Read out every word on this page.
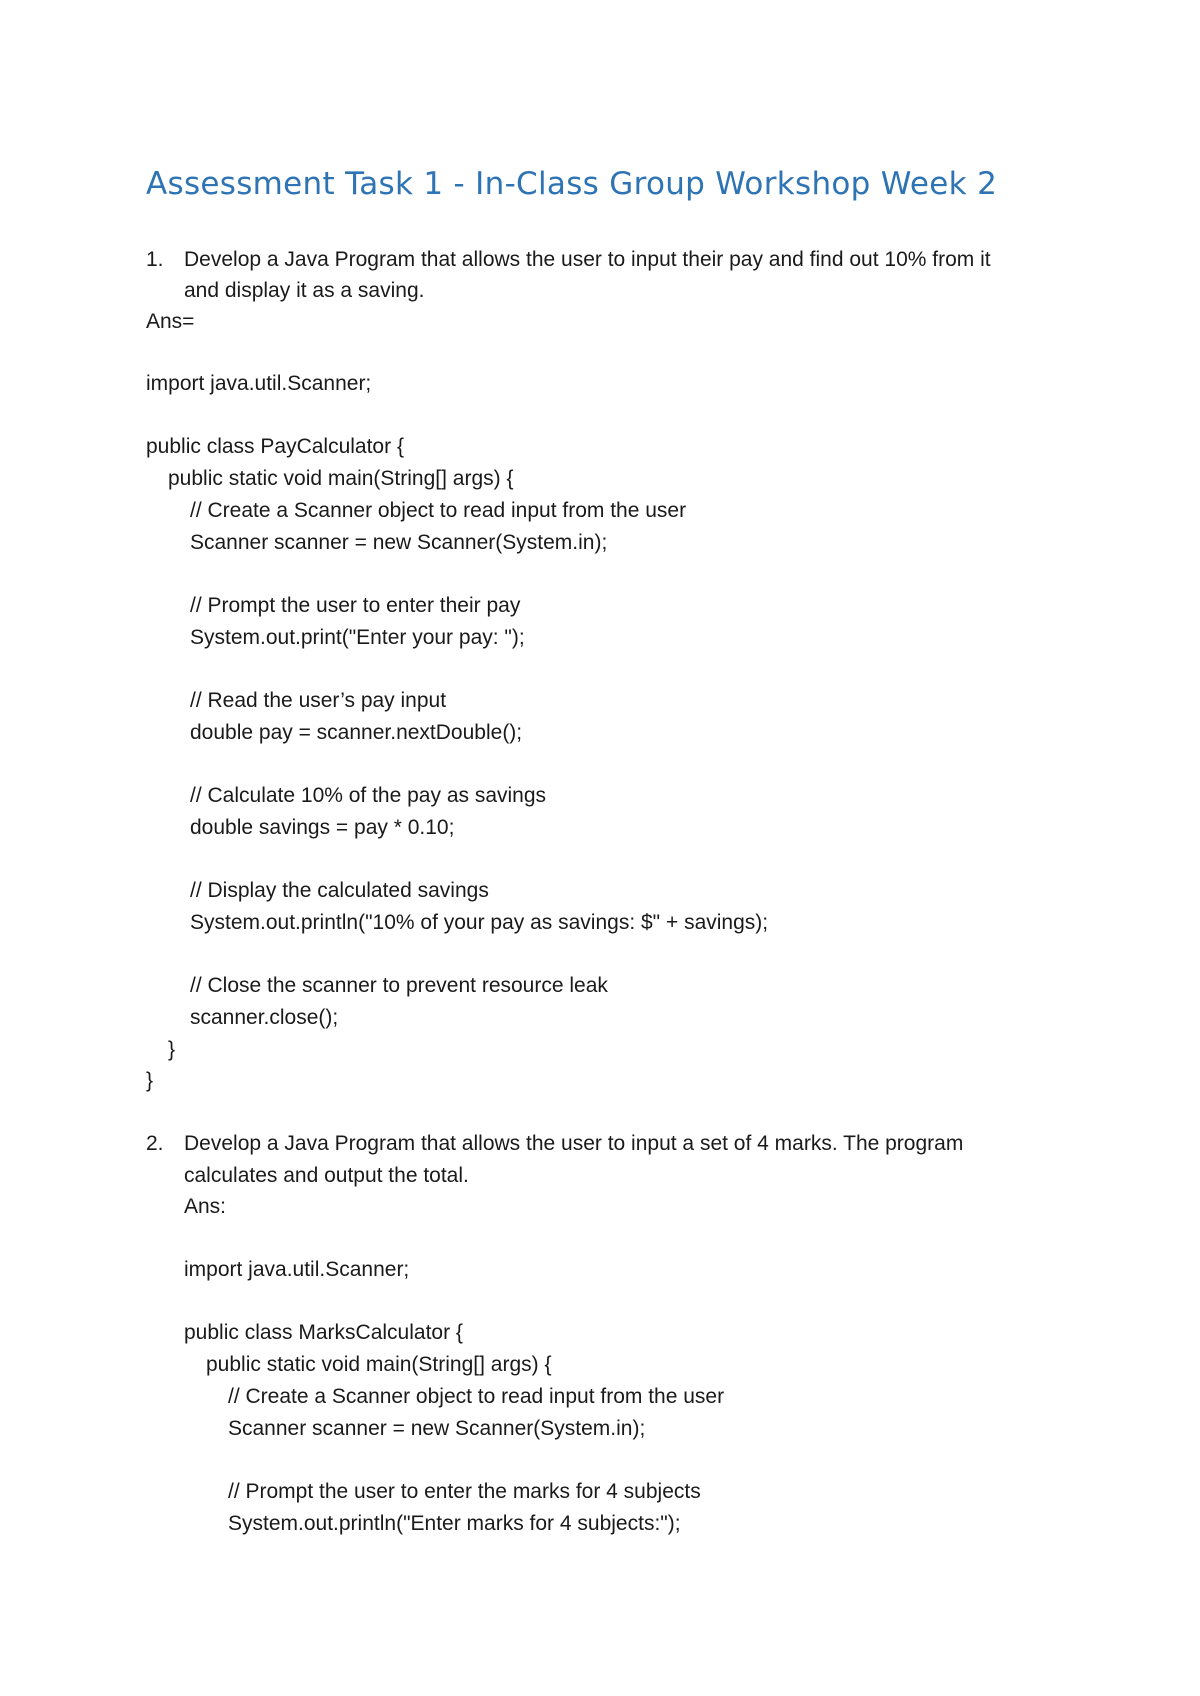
Assessment Task 1 - In-Class Group Workshop Week 2
1. Develop a Java Program that allows the user to input their pay and find out 10% from it
and display it as a saving.
Ans=
import java.util.Scanner;
public class PayCalculator {
public static void main(String[] args) {
// Create a Scanner object to read input from the user
Scanner scanner = new Scanner(System.in);
// Prompt the user to enter their pay
System.out.print("Enter your pay: ");
// Read the user’s pay input
double pay = scanner.nextDouble();
// Calculate 10% of the pay as savings
double savings = pay * 0.10;
// Display the calculated savings
System.out.println("10% of your pay as savings: $" + savings);
// Close the scanner to prevent resource leak
scanner.close();
}
}
2. Develop a Java Program that allows the user to input a set of 4 marks. The program
calculates and output the total.
Ans:
import java.util.Scanner;
public class MarksCalculator {
public static void main(String[] args) {
// Create a Scanner object to read input from the user
Scanner scanner = new Scanner(System.in);
// Prompt the user to enter the marks for 4 subjects
System.out.println("Enter marks for 4 subjects:");
